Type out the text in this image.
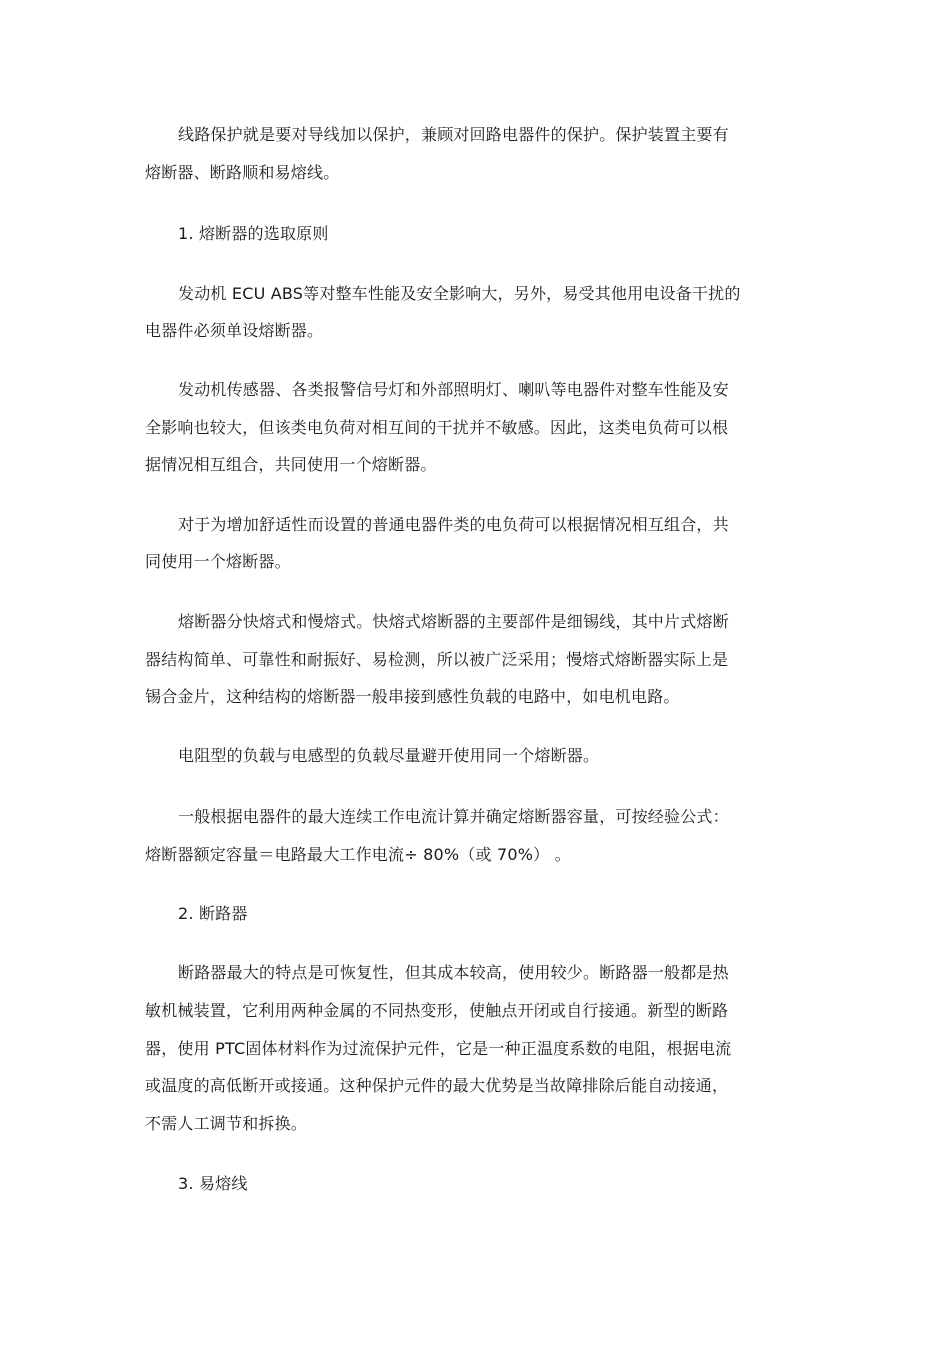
线路保护就是要对导线加以保护，兼顾对回路电器件的保护。保护装置主要有
熔断器、断路顺和易熔线。
1. 熔断器的选取原则
发动机 ECU ABS等对整车性能及安全影响大，另外，易受其他用电设备干扰的
电器件必须单设熔断器。
发动机传感器、各类报警信号灯和外部照明灯、喇叭等电器件对整车性能及安
全影响也较大，但该类电负荷对相互间的干扰并不敏感。因此，这类电负荷可以根
据情况相互组合，共同使用一个熔断器。
对于为增加舒适性而设置的普通电器件类的电负荷可以根据情况相互组合，共
同使用一个熔断器。
熔断器分快熔式和慢熔式。快熔式熔断器的主要部件是细锡线，其中片式熔断
器结构简单、可靠性和耐振好、易检测，所以被广泛采用；慢熔式熔断器实际上是
锡合金片，这种结构的熔断器一般串接到感性负载的电路中，如电机电路。
电阻型的负载与电感型的负载尽量避开使用同一个熔断器。
一般根据电器件的最大连续工作电流计算并确定熔断器容量，可按经验公式：
熔断器额定容量＝电路最大工作电流÷ 80%（或 70%） 。
2. 断路器
断路器最大的特点是可恢复性，但其成本较高，使用较少。断路器一般都是热
敏机械装置，它利用两种金属的不同热变形，使触点开闭或自行接通。新型的断路
器，使用 PTC固体材料作为过流保护元件，它是一种正温度系数的电阻，根据电流
或温度的高低断开或接通。这种保护元件的最大优势是当故障排除后能自动接通，
不需人工调节和拆换。
3. 易熔线
